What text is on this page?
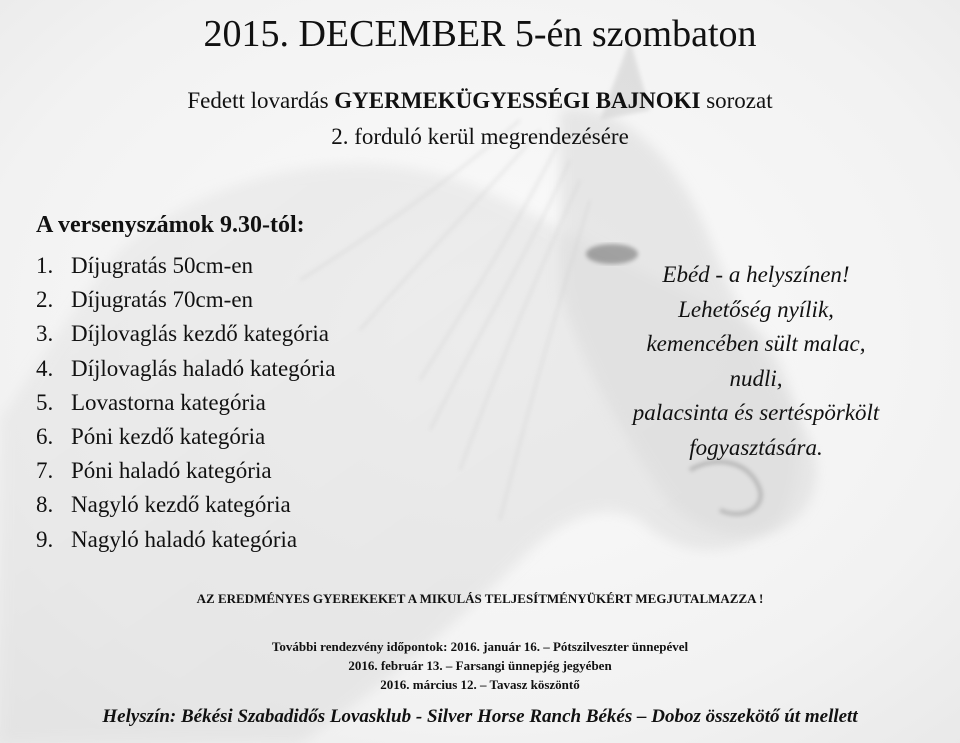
2015. DECEMBER 5-én szombaton
Fedett lovardás GYERMEKÜGYESSÉGI BAJNOKI sorozat
2. forduló kerül megrendezésére
A versenyszámok 9.30-tól:
1. Díjugratás 50cm-en
2. Díjugratás 70cm-en
3. Díjlovaglás kezdő kategória
4. Díjlovaglás haladó kategória
5. Lovastorna kategória
6. Póni kezdő kategória
7. Póni haladó kategória
8. Nagyló kezdő kategória
9. Nagyló haladó kategória
Ebéd - a helyszínen!
Lehetőség nyílik,
kemencében sült malac,
nudli,
palacsinta és sertéspörkölt
fogyasztására.
AZ EREDMÉNYES GYEREKEKET A MIKULÁS TELJESÍTMÉNYÜKÉRT MEGJUTALMAZZA !
További rendezvény időpontok: 2016. január 16. – Pótszilveszter ünnepével
2016. február 13. – Farsangi ünnepjég jegyében
2016. március 12. – Tavasz köszöntő
Helyszín: Békési Szabadidős Lovasklub - Silver Horse Ranch Békés – Doboz összekötő út mellett
